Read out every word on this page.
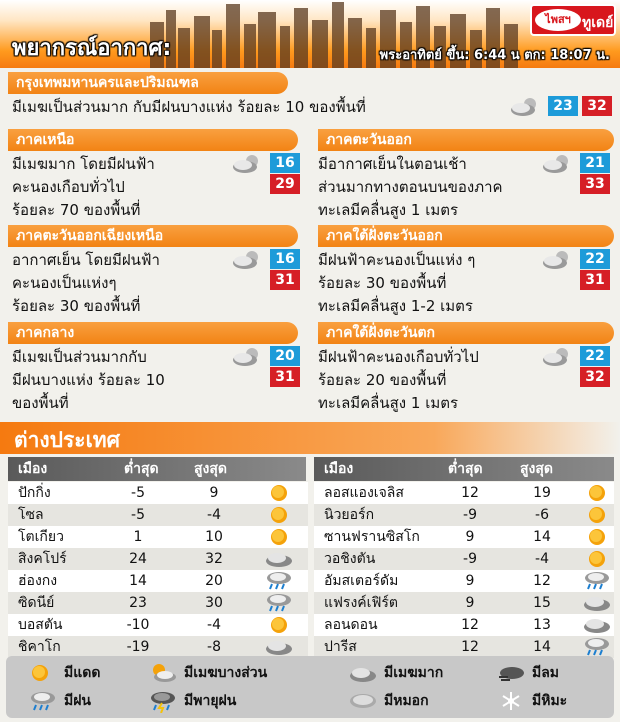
ไพสฯ ทูเดย์
พยากรณ์อากาศ:	พระอาทิตย์ ขึ้น: 6:44 น ตก: 18:07 น.
กรุงเทพมหานครและปริมณฑล
มีเมฆเป็นส่วนมาก กับมีฝนบางแห่ง ร้อยละ 10 ของพื้นที่	23	32
ภาคเหนือ
มีเมฆมาก โดยมีฝนฟ้า
คะนองเกือบทั่วไป
ร้อยละ 70 ของพื้นที่
16
29
ภาคตะวันออก
มีอากาศเย็นในตอนเช้า
ส่วนมากทางตอนบนของภาค
ทะเลมีคลื่นสูง 1 เมตร
21
33
ภาคตะวันออกเฉียงเหนือ
อากาศเย็น โดยมีฝนฟ้า
คะนองเป็นแห่งๆ
ร้อยละ 30 ของพื้นที่
16
31
ภาคใต้ฝั่งตะวันออก
มีฝนฟ้าคะนองเป็นแห่ง ๆ
ร้อยละ 30 ของพื้นที่
ทะเลมีคลื่นสูง 1-2 เมตร
22
31
ภาคกลาง
มีเมฆเป็นส่วนมากกับ
มีฝนบางแห่ง ร้อยละ 10
ของพื้นที่
20
31
ภาคใต้ฝั่งตะวันตก
มีฝนฟ้าคะนองเกือบทั่วไป
ร้อยละ 20 ของพื้นที่
ทะเลมีคลื่นสูง 1 เมตร
22
32
ต่างประเทศ
เมือง	ต่ำสุด	สูงสุด	เมือง	ต่ำสุด	สูงสุด
ปักกิ่ง	-5	9
โซล	-5	-4
โตเกียว	1	10
สิงคโปร์	24	32
ฮ่องกง	14	20
ซิดนีย์	23	30
บอสตัน	-10	-4
ชิคาโก	-19	-8
ลอสแองเจลิส	12	19
นิวยอร์ก	-9	-6
ซานฟรานซิสโก	9	14
วอชิงตัน	-9	-4
อัมสเตอร์ดัม	9	12
แฟรงค์เฟิร์ต	9	15
ลอนดอน	12	13
ปารีส	12	14
มีแดด	มีเมฆบางส่วน	มีเมฆมาก	มีลม
มีฝน	มีพายุฝน	มีหมอก	มีหิมะ
